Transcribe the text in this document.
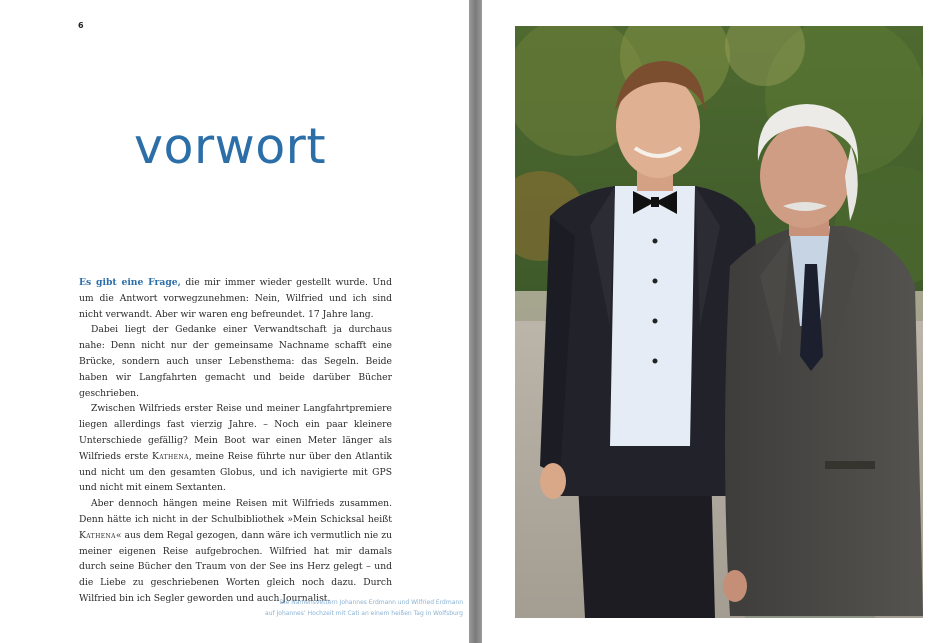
6
vorwort

Es gibt eine Frage, die mir immer wieder gestellt wurde. Und um die Antwort vorwegzunehmen: Nein, Wilfried und ich sind nicht verwandt. Aber wir waren eng befreundet. 17 Jahre lang.

Dabei liegt der Gedanke einer Verwandtschaft ja durchaus nahe: Denn nicht nur der gemeinsame Nachname schafft eine Brücke, sondern auch unser Lebensthema: das Segeln. Beide haben wir Langfahrten gemacht und beide darüber Bücher geschrieben.

Zwischen Wilfrieds erster Reise und meiner Langfahrtpremiere liegen allerdings fast vierzig Jahre. – Noch ein paar kleinere Unterschiede gefällig? Mein Boot war einen Meter länger als Wilfrieds erste Kathena, meine Reise führte nur über den Atlantik und nicht um den gesamten Globus, und ich navigierte mit GPS und nicht mit einem Sextanten.

Aber dennoch hängen meine Reisen mit Wilfrieds zusammen. Denn hätte ich nicht in der Schulbibliothek »Mein Schicksal heißt Kathena« aus dem Regal gezogen, dann wäre ich vermutlich nie zu meiner eigenen Reise aufgebrochen. Wilfried hat mir damals durch seine Bücher den Traum von der See ins Herz gelegt – und die Liebe zu geschriebenen Worten gleich noch dazu. Durch Wilfried bin ich Segler geworden und auch Journalist.

Die Namensvettern Johannes Erdmann und Wilfried Erdmann
auf Johannes’ Hochzeit mit Cati an einem heißen Tag in Wolfsburg
